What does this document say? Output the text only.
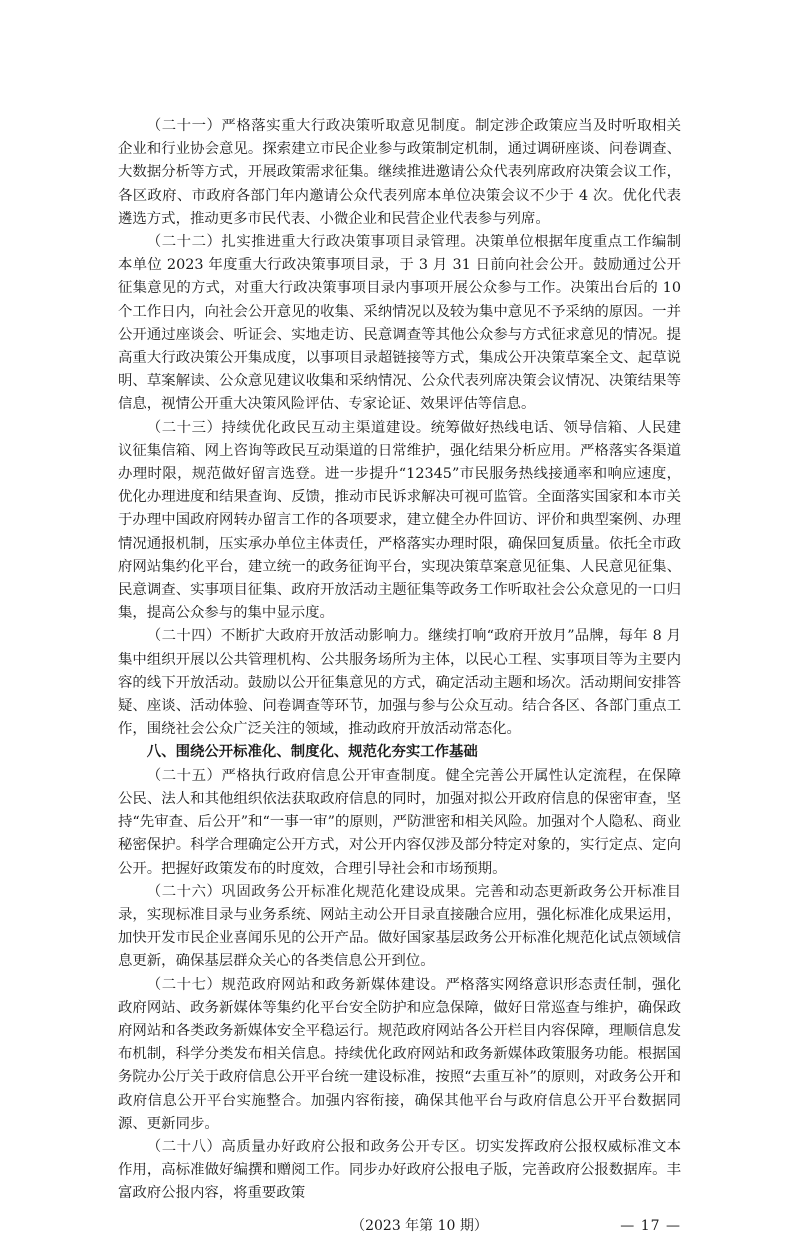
（二十一）严格落实重大行政决策听取意见制度。制定涉企政策应当及时听取相关企业和行业协会意见。探索建立市民企业参与政策制定机制，通过调研座谈、问卷调查、大数据分析等方式，开展政策需求征集。继续推进邀请公众代表列席政府决策会议工作，各区政府、市政府各部门年内邀请公众代表列席本单位决策会议不少于 4 次。优化代表遴选方式，推动更多市民代表、小微企业和民营企业代表参与列席。

（二十二）扎实推进重大行政决策事项目录管理。决策单位根据年度重点工作编制本单位 2023 年度重大行政决策事项目录，于 3 月 31 日前向社会公开。鼓励通过公开征集意见的方式，对重大行政决策事项目录内事项开展公众参与工作。决策出台后的 10 个工作日内，向社会公开意见的收集、采纳情况以及较为集中意见不予采纳的原因。一并公开通过座谈会、听证会、实地走访、民意调查等其他公众参与方式征求意见的情况。提高重大行政决策公开集成度，以事项目录超链接等方式，集成公开决策草案全文、起草说明、草案解读、公众意见建议收集和采纳情况、公众代表列席决策会议情况、决策结果等信息，视情公开重大决策风险评估、专家论证、效果评估等信息。

（二十三）持续优化政民互动主渠道建设。统筹做好热线电话、领导信箱、人民建议征集信箱、网上咨询等政民互动渠道的日常维护，强化结果分析应用。严格落实各渠道办理时限，规范做好留言选登。进一步提升“12345”市民服务热线接通率和响应速度，优化办理进度和结果查询、反馈，推动市民诉求解决可视可监管。全面落实国家和本市关于办理中国政府网转办留言工作的各项要求，建立健全办件回访、评价和典型案例、办理情况通报机制，压实承办单位主体责任，严格落实办理时限，确保回复质量。依托全市政府网站集约化平台，建立统一的政务征询平台，实现决策草案意见征集、人民意见征集、民意调查、实事项目征集、政府开放活动主题征集等政务工作听取社会公众意见的一口归集，提高公众参与的集中显示度。

（二十四）不断扩大政府开放活动影响力。继续打响“政府开放月”品牌，每年 8 月集中组织开展以公共管理机构、公共服务场所为主体，以民心工程、实事项目等为主要内容的线下开放活动。鼓励以公开征集意见的方式，确定活动主题和场次。活动期间安排答疑、座谈、活动体验、问卷调查等环节，加强与参与公众互动。结合各区、各部门重点工作，围绕社会公众广泛关注的领域，推动政府开放活动常态化。

八、围绕公开标准化、制度化、规范化夯实工作基础

（二十五）严格执行政府信息公开审查制度。健全完善公开属性认定流程，在保障公民、法人和其他组织依法获取政府信息的同时，加强对拟公开政府信息的保密审查，坚持“先审查、后公开”和“一事一审”的原则，严防泄密和相关风险。加强对个人隐私、商业秘密保护。科学合理确定公开方式，对公开内容仅涉及部分特定对象的，实行定点、定向公开。把握好政策发布的时度效，合理引导社会和市场预期。

（二十六）巩固政务公开标准化规范化建设成果。完善和动态更新政务公开标准目录，实现标准目录与业务系统、网站主动公开目录直接融合应用，强化标准化成果运用，加快开发市民企业喜闻乐见的公开产品。做好国家基层政务公开标准化规范化试点领域信息更新，确保基层群众关心的各类信息公开到位。

（二十七）规范政府网站和政务新媒体建设。严格落实网络意识形态责任制，强化政府网站、政务新媒体等集约化平台安全防护和应急保障，做好日常巡查与维护，确保政府网站和各类政务新媒体安全平稳运行。规范政府网站各公开栏目内容保障，理顺信息发布机制，科学分类发布相关信息。持续优化政府网站和政务新媒体政策服务功能。根据国务院办公厅关于政府信息公开平台统一建设标准，按照“去重互补”的原则，对政务公开和政府信息公开平台实施整合。加强内容衔接，确保其他平台与政府信息公开平台数据同源、更新同步。

（二十八）高质量办好政府公报和政务公开专区。切实发挥政府公报权威标准文本作用，高标准做好编撰和赠阅工作。同步办好政府公报电子版，完善政府公报数据库。丰富政府公报内容，将重要政策

（2023 年第 10 期）	— 17 —
